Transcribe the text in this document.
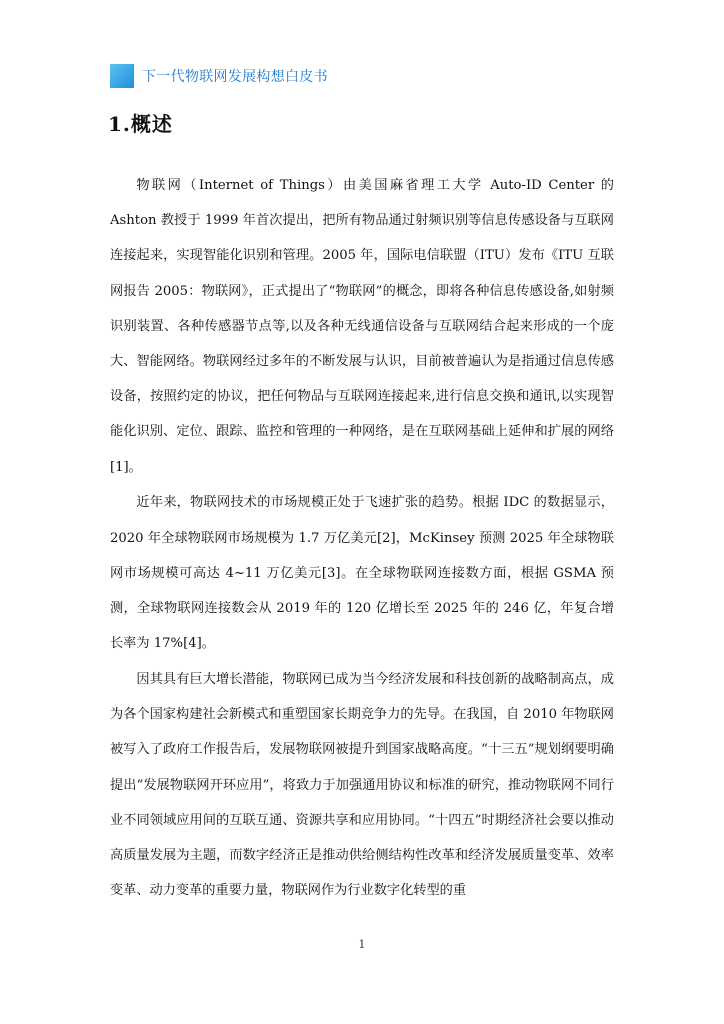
下一代物联网发展构想白皮书
1.概述

物联网（Internet of Things）由美国麻省理工大学 Auto-ID Center 的 Ashton 教授于 1999 年首次提出，把所有物品通过射频识别等信息传感设备与互联网连接起来，实现智能化识别和管理。2005 年，国际电信联盟（ITU）发布《ITU 互联网报告 2005：物联网》，正式提出了“物联网”的概念，即将各种信息传感设备,如射频识别装置、各种传感器节点等,以及各种无线通信设备与互联网结合起来形成的一个庞大、智能网络。物联网经过多年的不断发展与认识，目前被普遍认为是指通过信息传感设备，按照约定的协议，把任何物品与互联网连接起来,进行信息交换和通讯,以实现智能化识别、定位、跟踪、监控和管理的一种网络，是在互联网基础上延伸和扩展的网络[1]。

近年来，物联网技术的市场规模正处于飞速扩张的趋势。根据 IDC 的数据显示，2020 年全球物联网市场规模为 1.7 万亿美元[2]，McKinsey 预测 2025 年全球物联网市场规模可高达 4~11 万亿美元[3]。在全球物联网连接数方面，根据 GSMA 预测，全球物联网连接数会从 2019 年的 120 亿增长至 2025 年的 246 亿，年复合增长率为 17%[4]。

因其具有巨大增长潜能，物联网已成为当今经济发展和科技创新的战略制高点，成为各个国家构建社会新模式和重塑国家长期竞争力的先导。在我国，自 2010 年物联网被写入了政府工作报告后，发展物联网被提升到国家战略高度。“十三五”规划纲要明确提出“发展物联网开环应用”，将致力于加强通用协议和标准的研究，推动物联网不同行业不同领域应用间的互联互通、资源共享和应用协同。“十四五”时期经济社会要以推动高质量发展为主题，而数字经济正是推动供给侧结构性改革和经济发展质量变革、效率变革、动力变革的重要力量，物联网作为行业数字化转型的重

1
